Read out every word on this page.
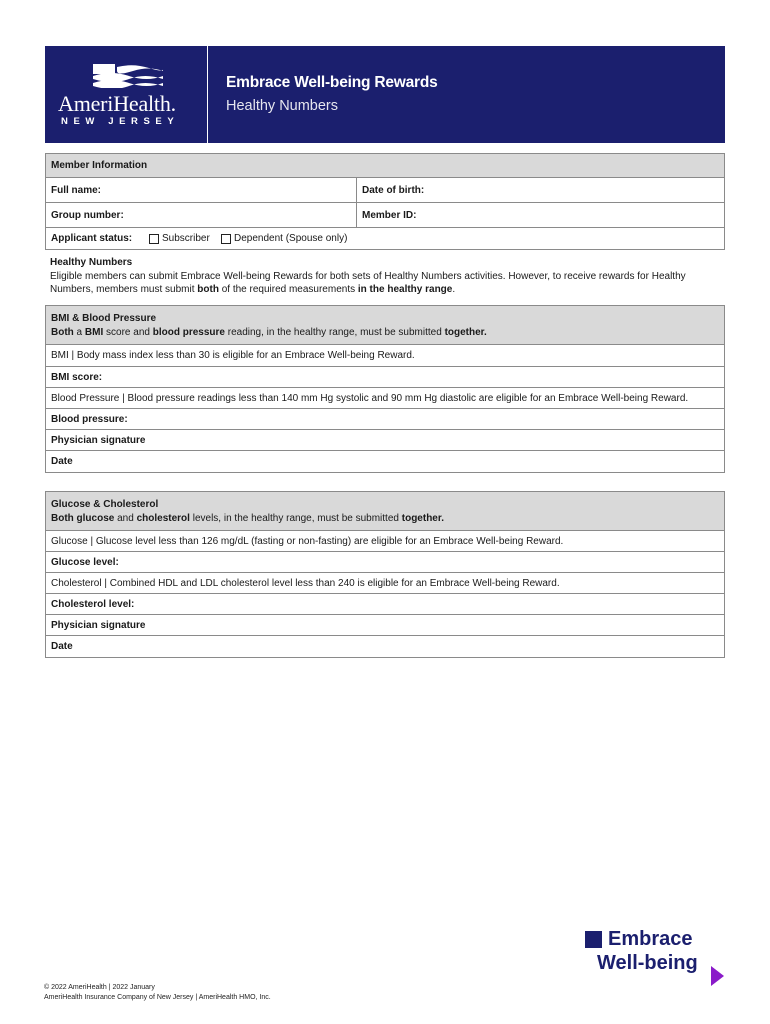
AmeriHealth.
NEW JERSEY
Embrace Well-being Rewards
Healthy Numbers
Member Information
Full name:	Date of birth:
Group number:	Member ID:
Applicant status:	Subscriber Dependent (Spouse only)
Healthy Numbers
Eligible members can submit Embrace Well-being Rewards for both sets of Healthy Numbers activities. However, to receive rewards for Healthy Numbers, members must submit both of the required measurements in the healthy range.
BMI & Blood Pressure
Both a BMI score and blood pressure reading, in the healthy range, must be submitted together.
BMI | Body mass index less than 30 is eligible for an Embrace Well-being Reward.
BMI score:
Blood Pressure | Blood pressure readings less than 140 mm Hg systolic and 90 mm Hg diastolic are eligible for an Embrace Well-being Reward.
Blood pressure:
Physician signature
Date
Glucose & Cholesterol
Both glucose and cholesterol levels, in the healthy range, must be submitted together.
Glucose | Glucose level less than 126 mg/dL (fasting or non-fasting) are eligible for an Embrace Well-being Reward.
Glucose level:
Cholesterol | Combined HDL and LDL cholesterol level less than 240 is eligible for an Embrace Well-being Reward.
Cholesterol level:
Physician signature
Date
Embrace
Well-being
© 2022 AmeriHealth | 2022 January
AmeriHealth Insurance Company of New Jersey | AmeriHealth HMO, Inc.
